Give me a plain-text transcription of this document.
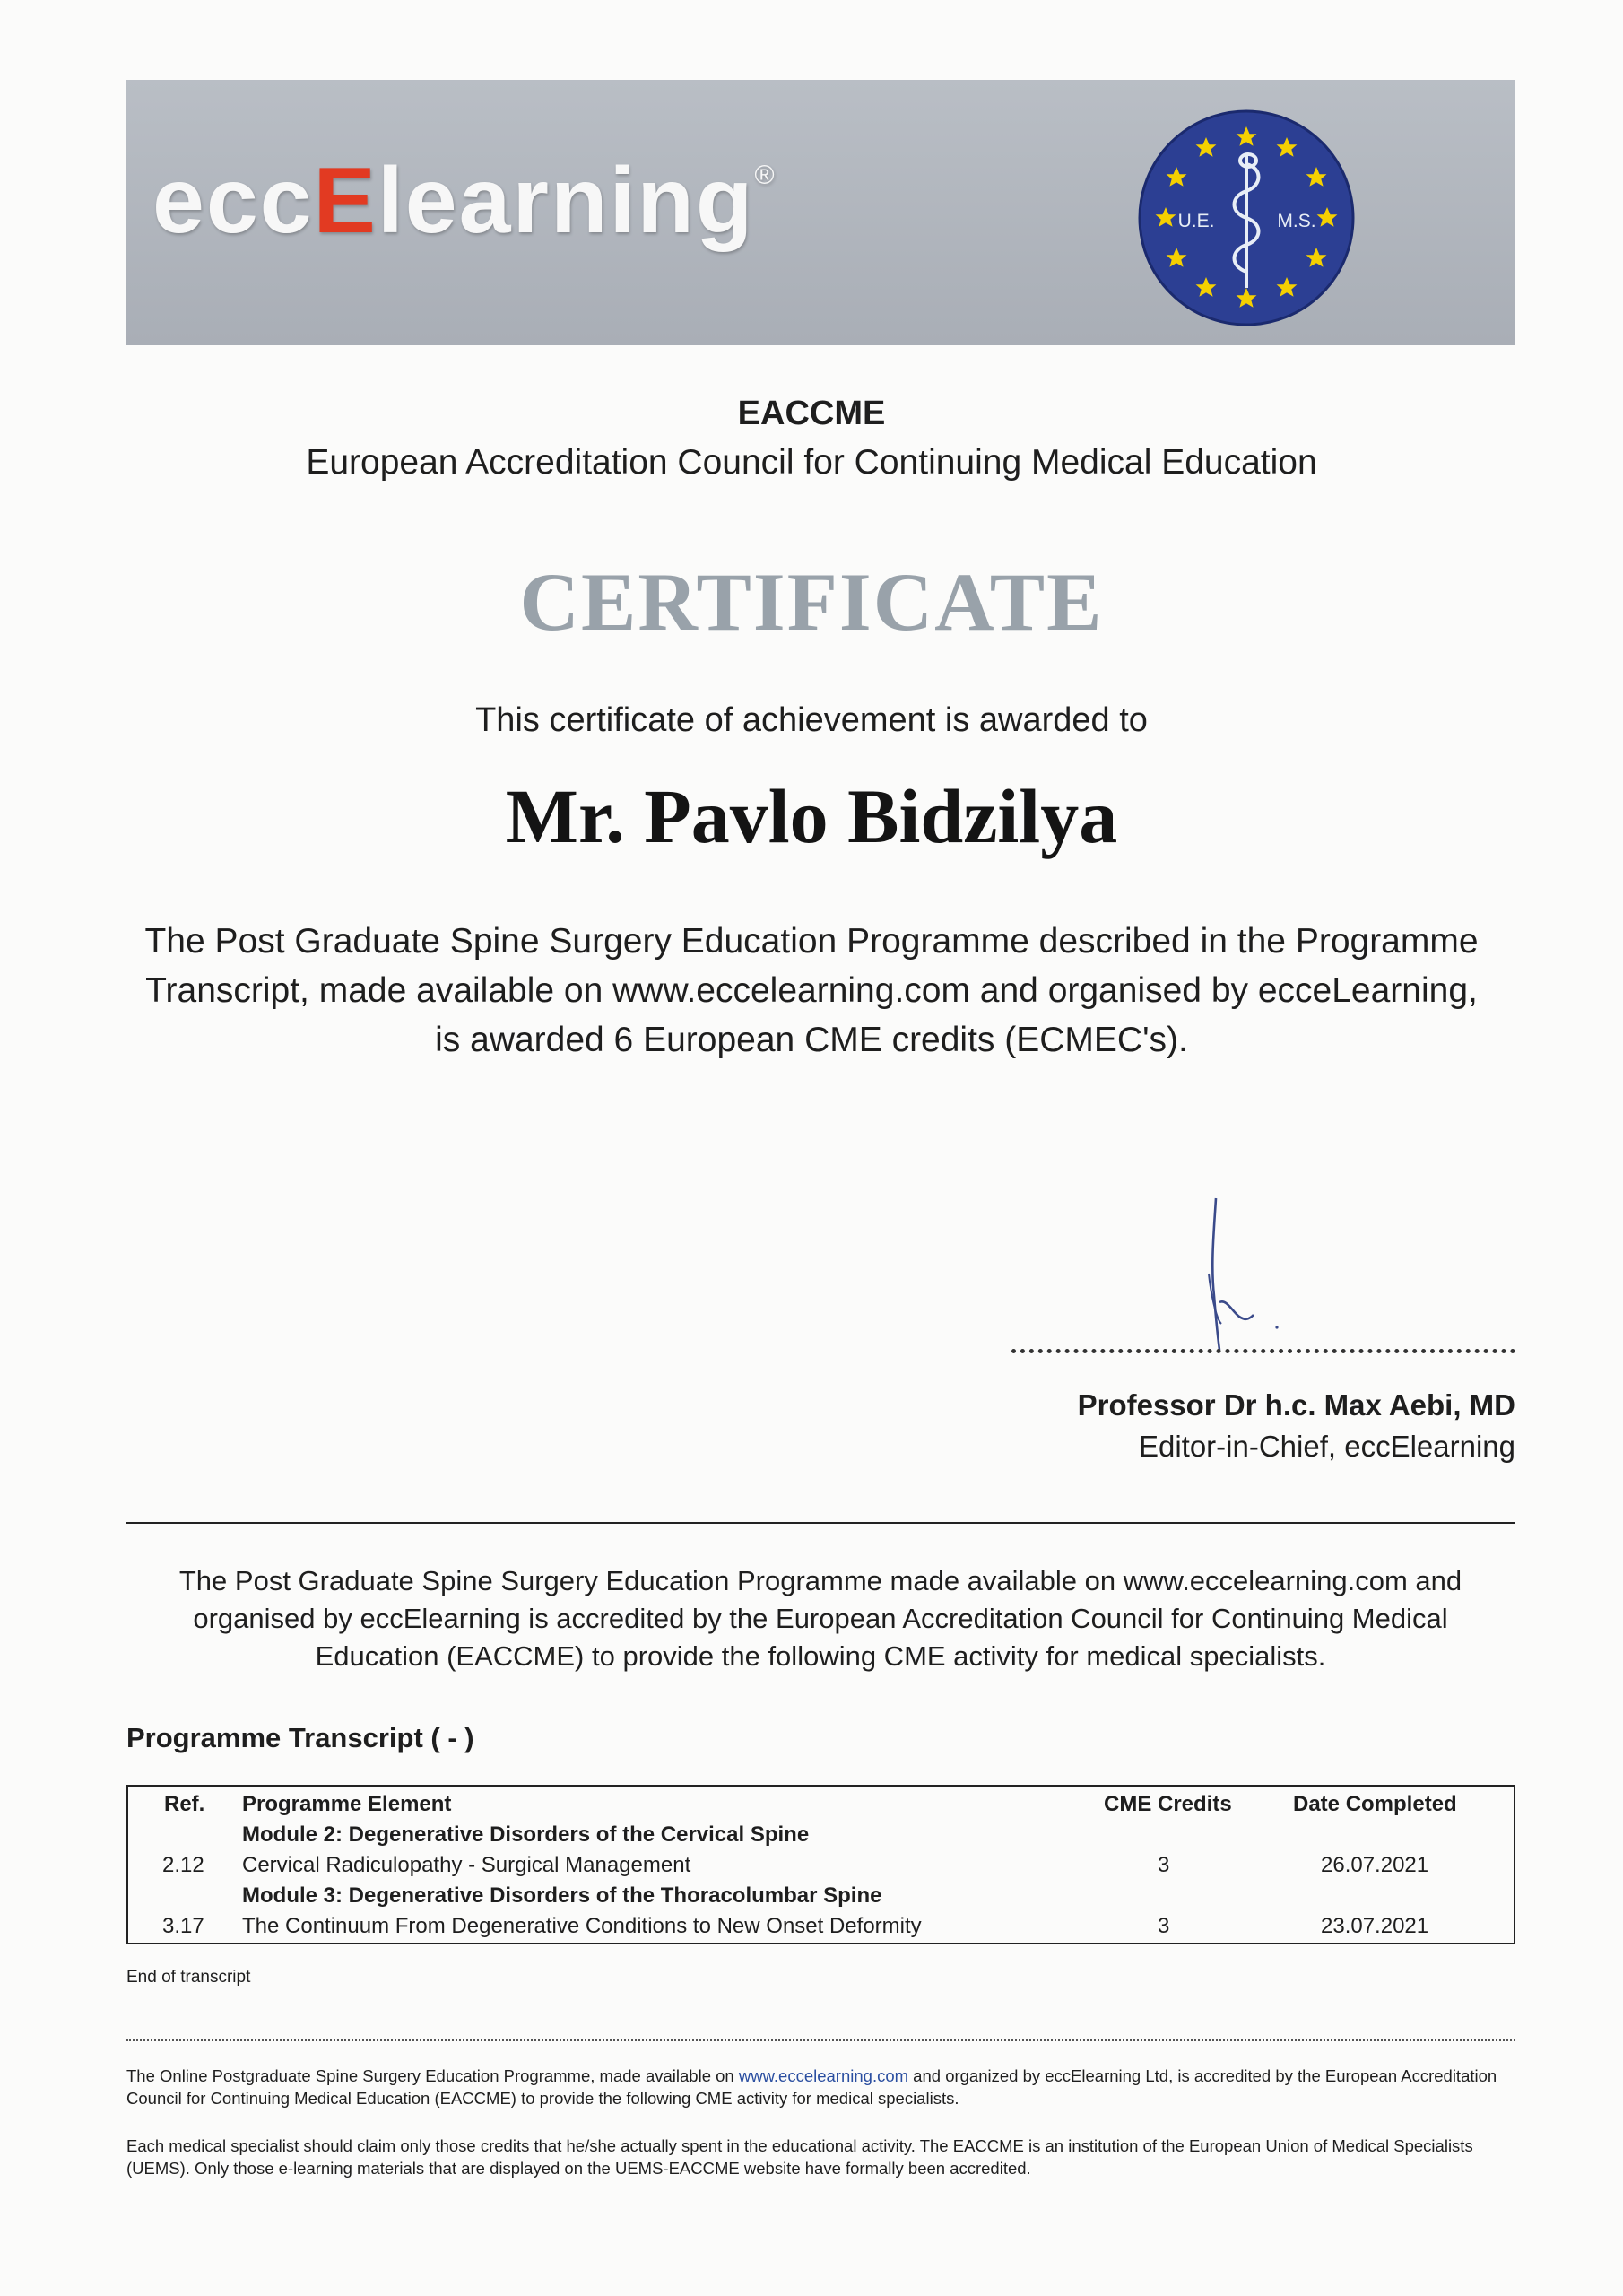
eccElearning®
U.E.	M.S.
EACCME
European Accreditation Council for Continuing Medical Education
CERTIFICATE
This certificate of achievement is awarded to
Mr. Pavlo Bidzilya
The Post Graduate Spine Surgery Education Programme described in the Programme Transcript, made available on www.eccelearning.com and organised by ecceLearning, is awarded 6 European CME credits (ECMEC's).
Professor Dr h.c. Max Aebi, MD
Editor-in-Chief, eccElearning
The Post Graduate Spine Surgery Education Programme made available on www.eccelearning.com and organised by eccElearning is accredited by the European Accreditation Council for Continuing Medical Education (EACCME) to provide the following CME activity for medical specialists.
Programme Transcript ( - )
Ref. Programme Element	CME Credits	Date Completed
Module 2: Degenerative Disorders of the Cervical Spine
2.12 Cervical Radiculopathy - Surgical Management	3	26.07.2021
Module 3: Degenerative Disorders of the Thoracolumbar Spine
3.17 The Continuum From Degenerative Conditions to New Onset Deformity	3	23.07.2021
End of transcript
The Online Postgraduate Spine Surgery Education Programme, made available on www.eccelearning.com and organized by eccElearning Ltd, is accredited by the European Accreditation Council for Continuing Medical Education (EACCME) to provide the following CME activity for medical specialists.
Each medical specialist should claim only those credits that he/she actually spent in the educational activity. The EACCME is an institution of the European Union of Medical Specialists (UEMS). Only those e-learning materials that are displayed on the UEMS-EACCME website have formally been accredited.
